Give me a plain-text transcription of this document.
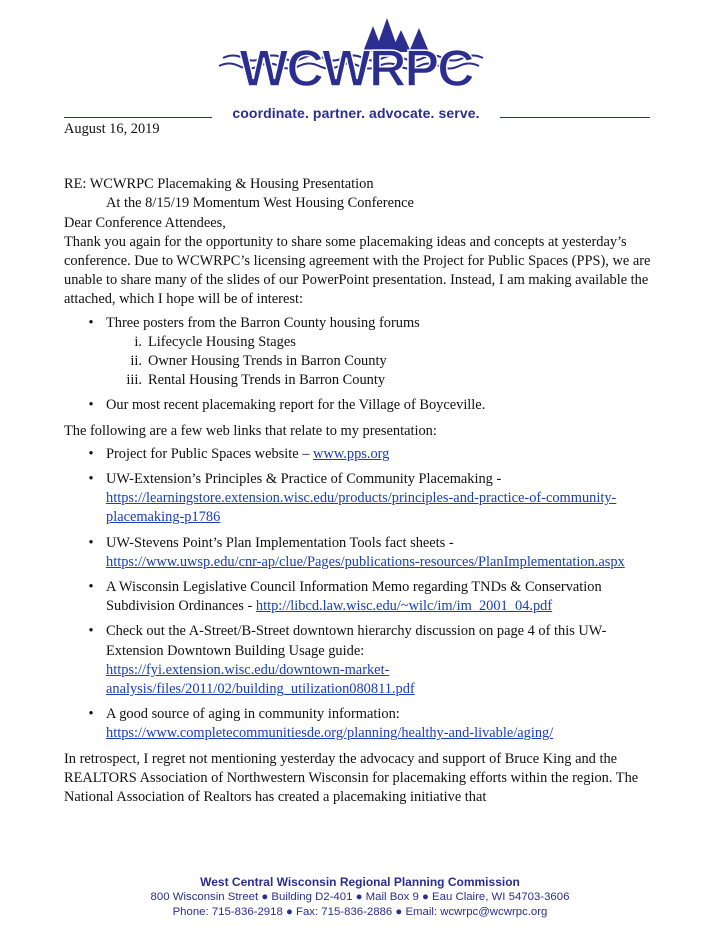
WCWRPC
coordinate. partner. advocate. serve.

August 16, 2019

RE: WCWRPC Placemaking & Housing Presentation

At the 8/15/19 Momentum West Housing Conference

Dear Conference Attendees,

Thank you again for the opportunity to share some placemaking ideas and concepts at yesterday’s conference. Due to WCWRPC’s licensing agreement with the Project for Public Spaces (PPS), we are unable to share many of the slides of our PowerPoint presentation. Instead, I am making available the attached, which I hope will be of interest:

• Three posters from the Barron County housing forums
i. Lifecycle Housing Stages
ii. Owner Housing Trends in Barron County
iii. Rental Housing Trends in Barron County
• Our most recent placemaking report for the Village of Boyceville.

The following are a few web links that relate to my presentation:

• Project for Public Spaces website – www.pps.org
• UW-Extension’s Principles & Practice of Community Placemaking -
https://learningstore.extension.wisc.edu/products/principles-and-practice-of-community-placemaking-p1786
• UW-Stevens Point’s Plan Implementation Tools fact sheets -
https://www.uwsp.edu/cnr-ap/clue/Pages/publications-resources/PlanImplementation.aspx
• A Wisconsin Legislative Council Information Memo regarding TNDs & Conservation Subdivision Ordinances - http://libcd.law.wisc.edu/~wilc/im/im_2001_04.pdf
• Check out the A-Street/B-Street downtown hierarchy discussion on page 4 of this UW-Extension Downtown Building Usage guide:
https://fyi.extension.wisc.edu/downtown-market-analysis/files/2011/02/building_utilization080811.pdf
• A good source of aging in community information:
https://www.completecommunitiesde.org/planning/healthy-and-livable/aging/

In retrospect, I regret not mentioning yesterday the advocacy and support of Bruce King and the REALTORS Association of Northwestern Wisconsin for placemaking efforts within the region. The National Association of Realtors has created a placemaking initiative that

West Central Wisconsin Regional Planning Commission
800 Wisconsin Street ● Building D2-401 ● Mail Box 9 ● Eau Claire, WI 54703-3606
Phone: 715-836-2918 ● Fax: 715-836-2886 ● Email: wcwrpc@wcwrpc.org
